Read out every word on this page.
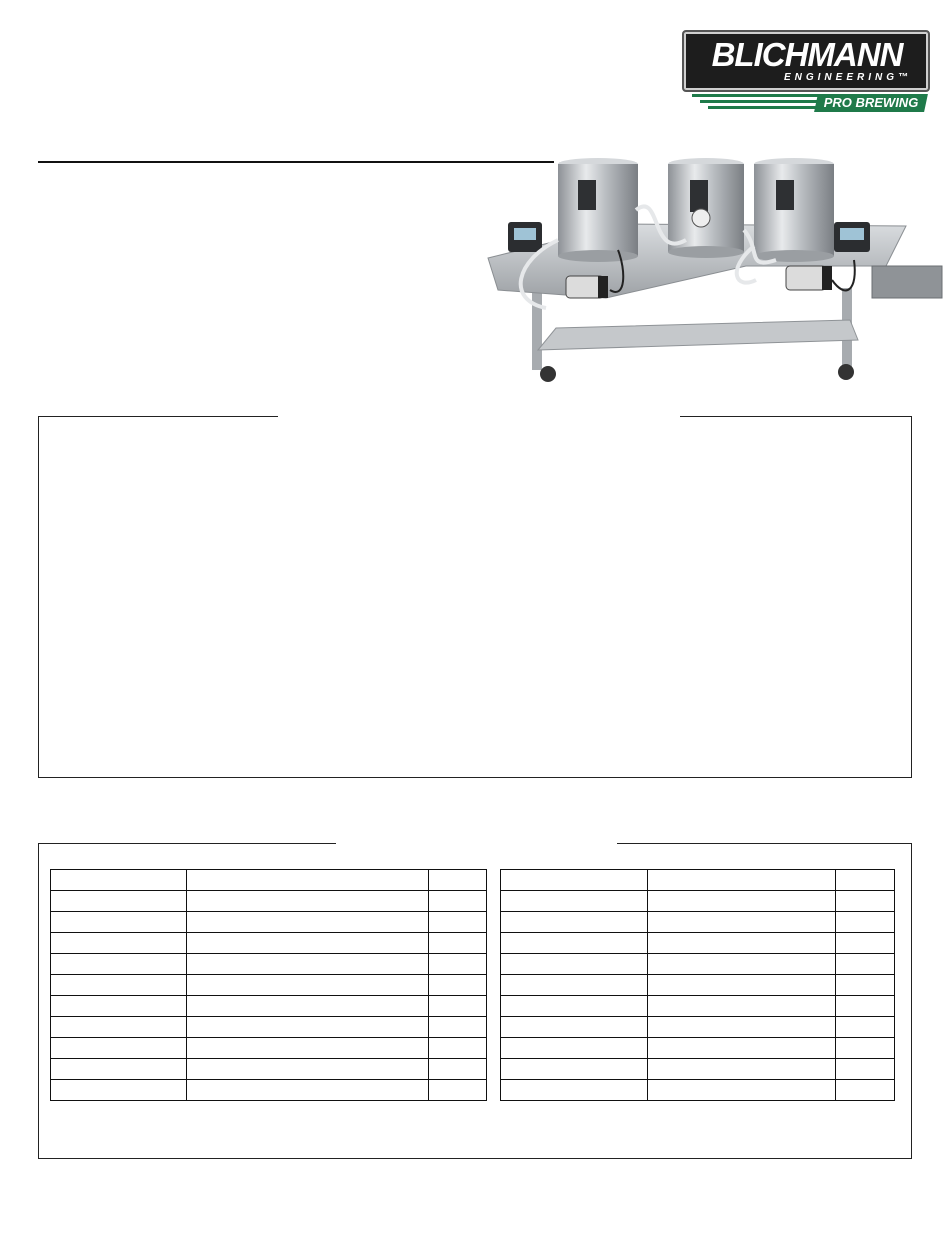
BLICHMANN
ENGINEERING™
PRO BREWING
